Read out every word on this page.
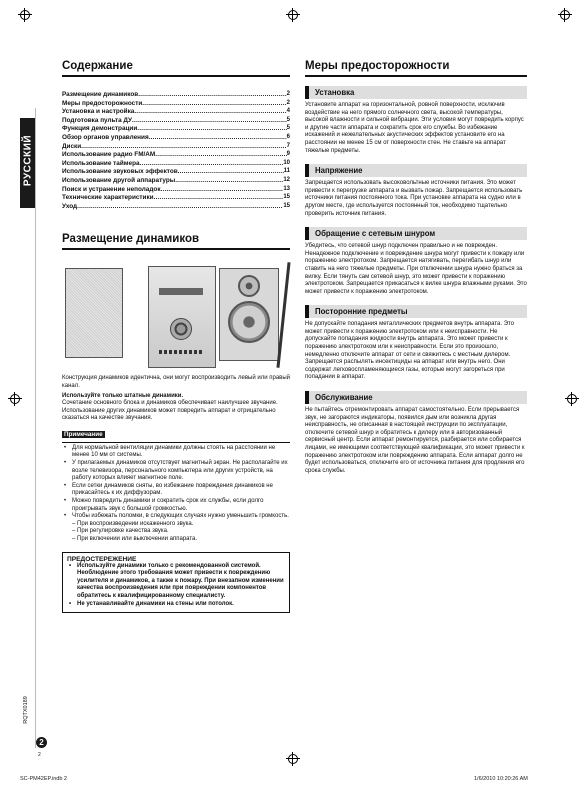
РУССКИЙ
RQTX0189
2
2
Содержание
Размещение динамиков .....	2
Меры предосторожности .....	2
Установка и настройка .....	4
Подготовка пульта ДУ .....	5
Функция демонстрации .....	5
Обзор органов управления .....	6
Диски .....	7
Использование радио FM/AM .....	9
Использование таймера .....	10
Использование звуковых эффектов .....	11
Использование другой аппаратуры .....	12
Поиск и устранение неполадок .....	13
Технические характеристики .....	15
Уход .....	15
Размещение динамиков

Конструкция динамиков идентична, они могут воспроизводить левый или правый канал.

Используйте только штатные динамики.

Сочетание основного блока и динамиков обеспечивает наилучшее звучание. Использование других динамиков может повредить аппарат и отрицательно сказаться на качестве звучания.

Примечание
• Для нормальной вентиляции динамики должны стоять на расстоянии не менее 10 мм от системы.
• У прилагаемых динамиков отсутствует магнитный экран. Не располагайте их возле телевизора, персонального компьютера или других устройств, на работу которых влияет магнитное поле.
• Если сетки динамиков сняты, во избежание повреждения динамиков не прикасайтесь к их диффузорам.
• Можно повредить динамики и сократить срок их службы, если долго проигрывать звук с большой громкостью.
• Чтобы избежать поломки, в следующих случаях нужно уменьшить громкость.
– При воспроизведении искаженного звука.
– При регулировке качества звука.
– При включении или выключении аппарата.
ПРЕДОСТЕРЕЖЕНИЕ
• Используйте динамики только с рекомендованной системой. Необлюдение этого требования может привести к повреждению усилителя и динамиков, а также к пожару. При внезапном изменении качества воспроизведения или при повреждении компонентов обратитесь к квалифицированному специалисту.
• Не устанавливайте динамики на стены или потолок.
Меры предосторожности
Установка

Установите аппарат на горизонтальной, ровной поверхности, исключив воздействие на него прямого солнечного света, высокой температуры, высокой влажности и сильной вибрации. Эти условия могут повредить корпус и другие части аппарата и сократить срок его службы. Во избежание искажений и нежелательных акустических эффектов установите его на расстоянии не менее 15 см от поверхности стен. Не ставьте на аппарат тяжелые предметы.

Напряжение

Запрещается использовать высоковольтные источники питания. Это может привести к перегрузке аппарата и вызвать пожар. Запрещается использовать источники питания постоянного тока. При установке аппарата на судно или в другом месте, где используется постоянный ток, необходимо тщательно проверить источник питания.

Обращение с сетевым шнуром

Убедитесь, что сетевой шнур подключен правильно и не поврежден. Ненадежное подключение и повреждение шнура могут привести к пожару или поражению электротоком. Запрещается натягивать, перегибать шнур или ставить на него тяжелые предметы. При отключении шнура нужно браться за вилку. Если тянуть сам сетевой шнур, это может привести к поражению электротоком. Запрещается прикасаться к вилке шнура влажными руками. Это может привести к поражению электротоком.

Посторонние предметы

Не допускайте попадания металлических предметов внутрь аппарата. Это может привести к поражению электротоком или к неисправности. Не допускайте попадания жидкости внутрь аппарата. Это может привести к поражению электротоком или к неисправности. Если это произошло, немедленно отключите аппарат от сети и свяжитесь с местным дилером. Запрещается распылять инсектициды на аппарат или внутрь него. Они содержат легковоспламеняющиеся газы, которые могут загореться при попадании в аппарат.

Обслуживание

Не пытайтесь отремонтировать аппарат самостоятельно. Если прерывается звук, не загораются индикаторы, появился дым или возникла другая неисправность, не описанная в настоящей инструкции по эксплуатации, отключите сетевой шнур и обратитесь к дилеру или в авторизованный сервисный центр. Если аппарат ремонтируется, разбирается или собирается лицами, не имеющими соответствующей квалификации, это может привести к поражению электротоком или повреждению аппарата. Если аппарат долго не будет использоваться, отключите его от источника питания для продления его срока службы.

SC-PM42EP.indb 2	1/6/2010 10:20:26 AM
